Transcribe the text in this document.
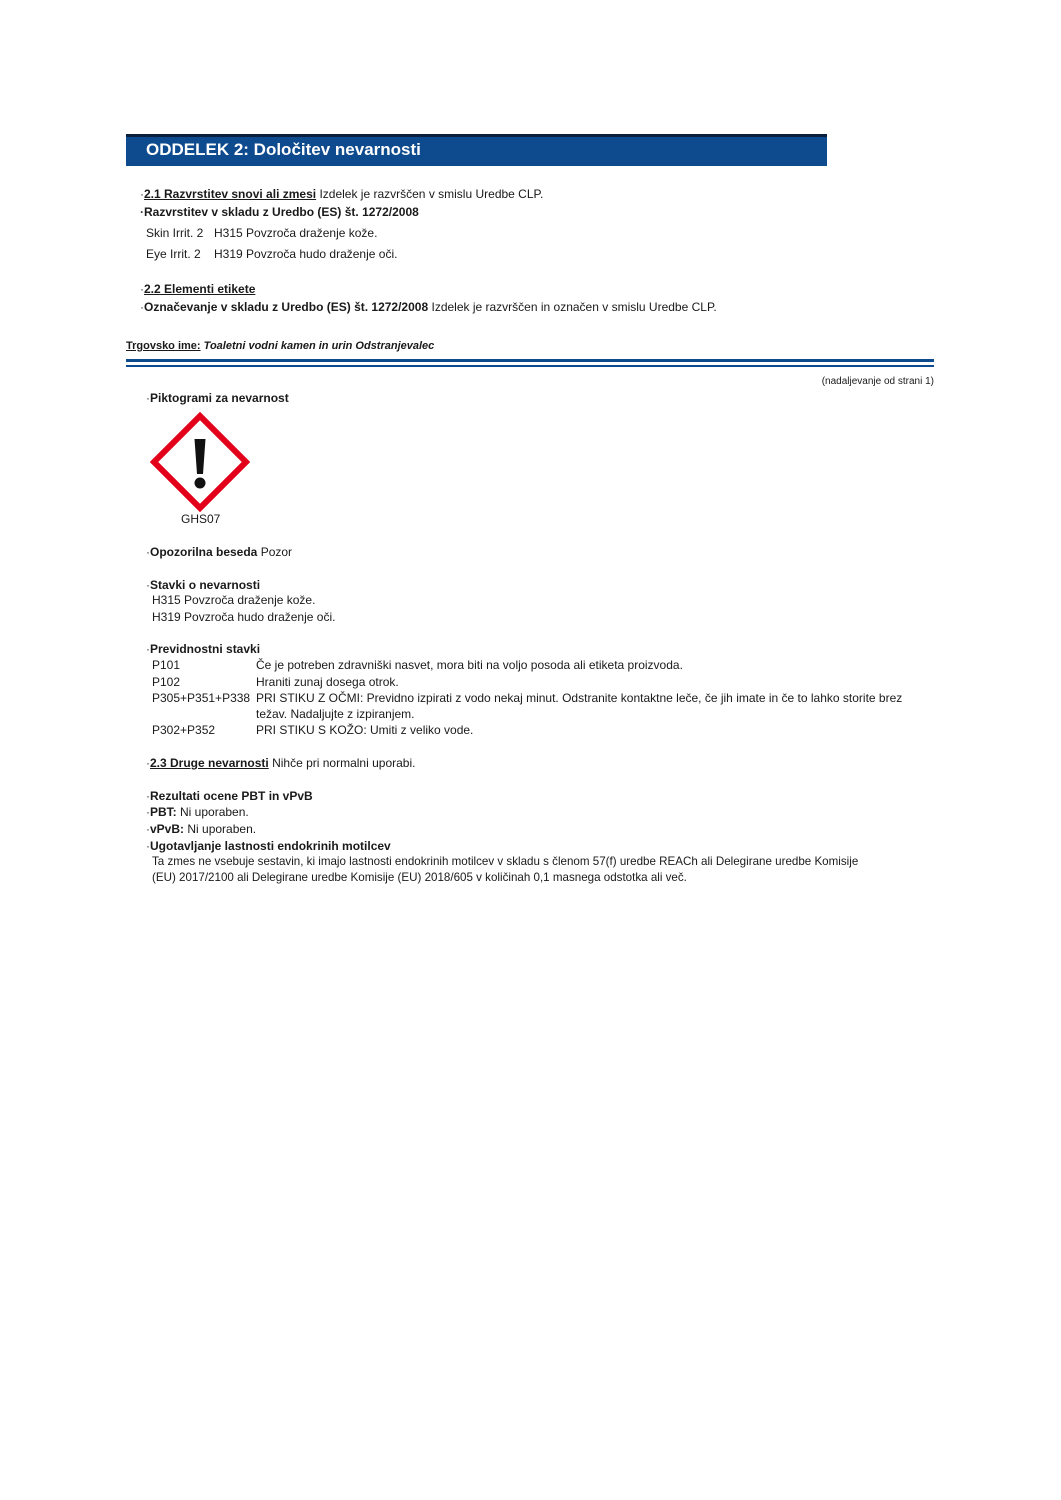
ODDELEK 2: Določitev nevarnosti
·2.1 Razvrstitev snovi ali zmesi Izdelek je razvrščen v smislu Uredbe CLP.
·Razvrstitev v skladu z Uredbo (ES) št. 1272/2008
Skin Irrit. 2 H315 Povzroča draženje kože.
Eye Irrit. 2 H319 Povzroča hudo draženje oči.
·2.2 Elementi etikete
·Označevanje v skladu z Uredbo (ES) št. 1272/2008 Izdelek je razvrščen in označen v smislu Uredbe CLP.
Trgovsko ime: Toaletni vodni kamen in urin Odstranjevalec
(nadaljevanje od strani 1)
·Piktogrami za nevarnost
GHS07
·Opozorilna beseda Pozor
·Stavki o nevarnosti
H315 Povzroča draženje kože.
H319 Povzroča hudo draženje oči.
·Previdnostni stavki
P101	Če je potreben zdravniški nasvet, mora biti na voljo posoda ali etiketa proizvoda.
P102	Hraniti zunaj dosega otrok.
P305+P351+P338 PRI STIKU Z OČMI: Previdno izpirati z vodo nekaj minut. Odstranite kontaktne leče, če jih imate in če to lahko storite brez
težav. Nadaljujte z izpiranjem.
P302+P352	PRI STIKU S KOŽO: Umiti z veliko vode.
·2.3 Druge nevarnosti Nihče pri normalni uporabi.
·Rezultati ocene PBT in vPvB
·PBT: Ni uporaben.
·vPvB: Ni uporaben.
·Ugotavljanje lastnosti endokrinih motilcev
Ta zmes ne vsebuje sestavin, ki imajo lastnosti endokrinih motilcev v skladu s členom 57(f) uredbe REACh ali Delegirane uredbe Komisije
(EU) 2017/2100 ali Delegirane uredbe Komisije (EU) 2018/605 v količinah 0,1 masnega odstotka ali več.
